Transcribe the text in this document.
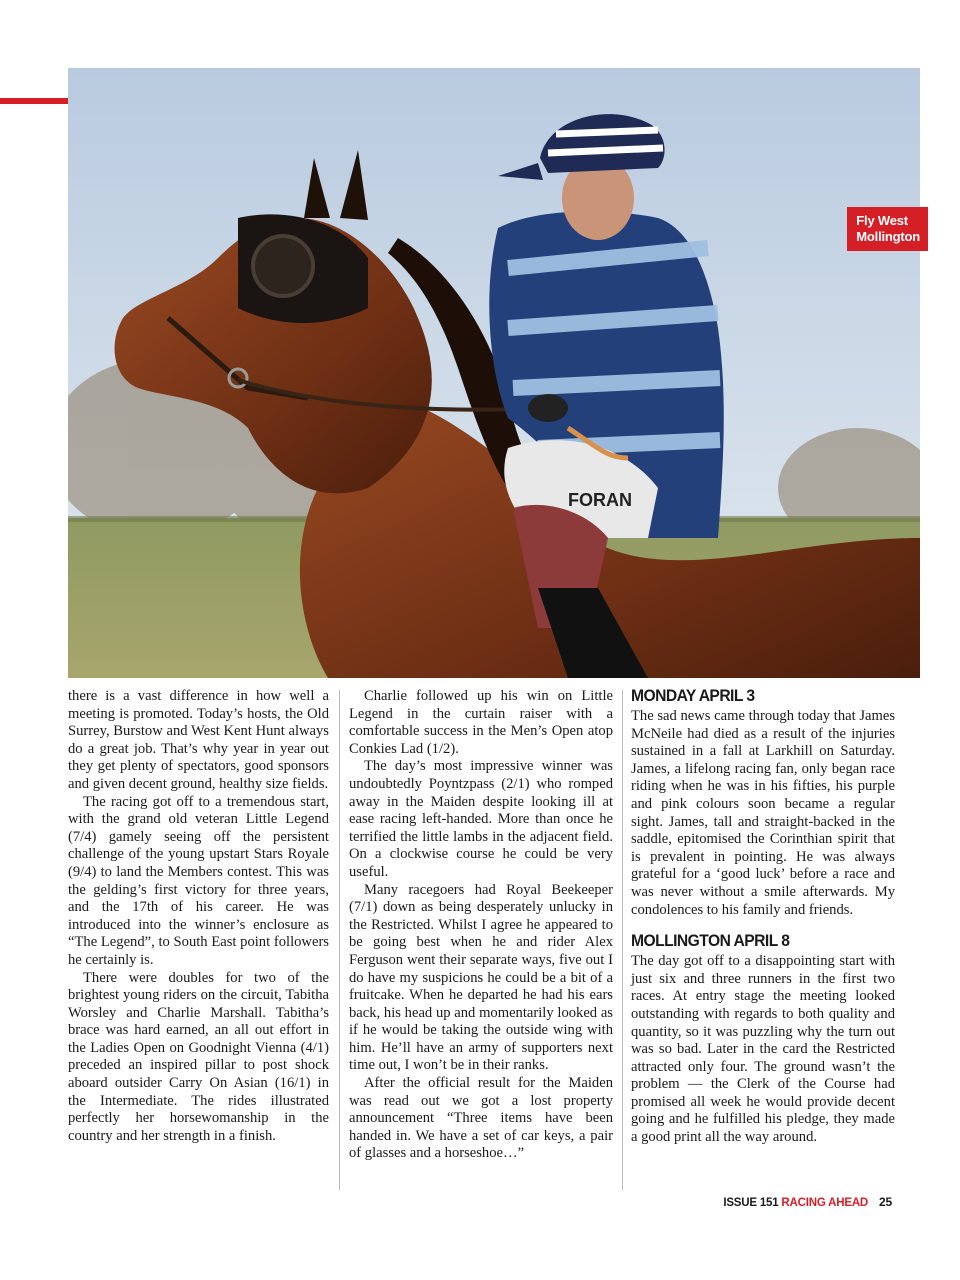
FORAN
Fly West
Mollington

there is a vast difference in how well a meeting is promoted. Today’s hosts, the Old Surrey, Burstow and West Kent Hunt always do a great job. That’s why year in year out they get plenty of spectators, good sponsors and given decent ground, healthy size fields.

The racing got off to a tremendous start, with the grand old veteran Little Legend (7/4) gamely seeing off the persistent challenge of the young upstart Stars Royale (9/4) to land the Members contest. This was the gelding’s first victory for three years, and the 17th of his career. He was introduced into the winner’s enclosure as “The Legend”, to South East point followers he certainly is.

There were doubles for two of the brightest young riders on the circuit, Tabitha Worsley and Charlie Marshall. Tabitha’s brace was hard earned, an all out effort in the Ladies Open on Goodnight Vienna (4/1) preceded an inspired pillar to post shock aboard outsider Carry On Asian (16/1) in the Intermediate. The rides illustrated perfectly her horsewomanship in the country and her strength in a finish.

Charlie followed up his win on Little Legend in the curtain raiser with a comfortable success in the Men’s Open atop Conkies Lad (1/2).

The day’s most impressive winner was undoubtedly Poyntzpass (2/1) who romped away in the Maiden despite looking ill at ease racing left-handed. More than once he terrified the little lambs in the adjacent field. On a clockwise course he could be very useful.

Many racegoers had Royal Beekeeper (7/1) down as being desperately unlucky in the Restricted. Whilst I agree he appeared to be going best when he and rider Alex Ferguson went their separate ways, five out I do have my suspicions he could be a bit of a fruitcake. When he departed he had his ears back, his head up and momentarily looked as if he would be taking the outside wing with him. He’ll have an army of supporters next time out, I won’t be in their ranks.

After the official result for the Maiden was read out we got a lost property announcement “Three items have been handed in. We have a set of car keys, a pair of glasses and a horseshoe…”

MONDAY APRIL 3

The sad news came through today that James McNeile had died as a result of the injuries sustained in a fall at Larkhill on Saturday. James, a lifelong racing fan, only began race riding when he was in his fifties, his purple and pink colours soon became a regular sight. James, tall and straight-backed in the saddle, epitomised the Corinthian spirit that is prevalent in pointing. He was always grateful for a ‘good luck’ before a race and was never without a smile afterwards. My condolences to his family and friends.

MOLLINGTON APRIL 8

The day got off to a disappointing start with just six and three runners in the first two races. At entry stage the meeting looked outstanding with regards to both quality and quantity, so it was puzzling why the turn out was so bad. Later in the card the Restricted attracted only four. The ground wasn’t the problem — the Clerk of the Course had promised all week he would provide decent going and he fulfilled his pledge, they made a good print all the way around.

ISSUE 151 RACING AHEAD 25
